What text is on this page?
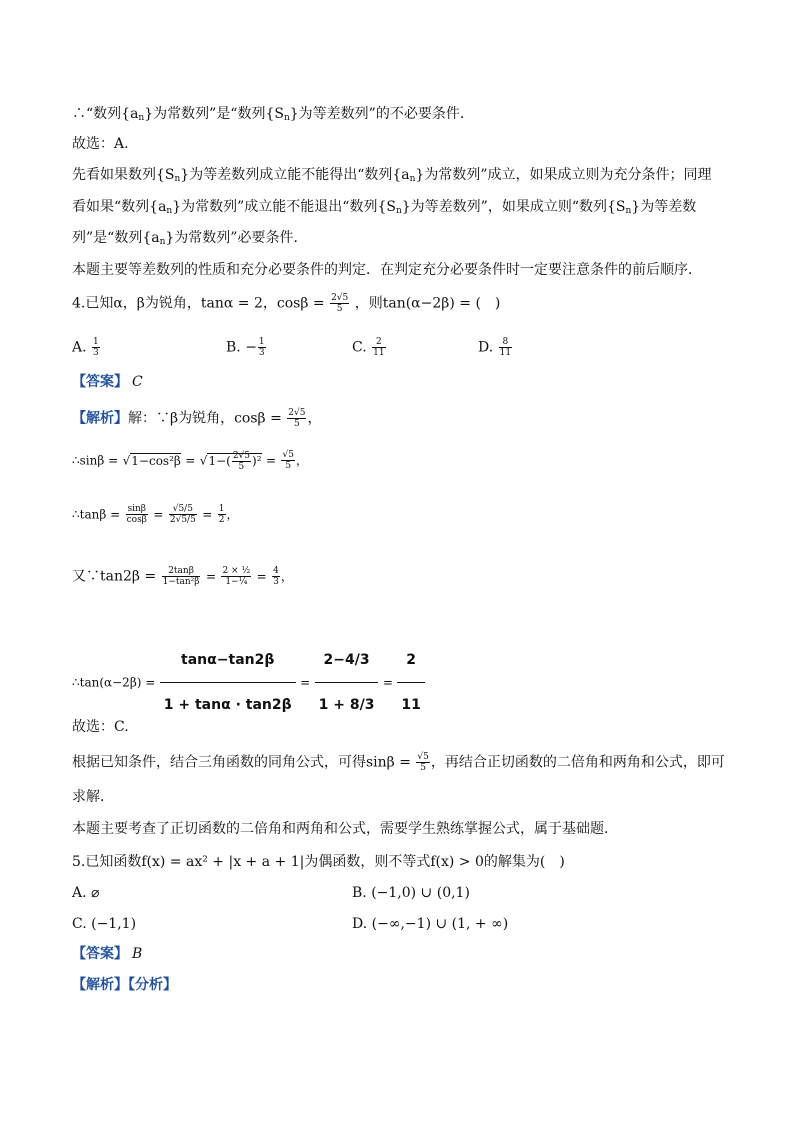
∴“数列$\{a_n\}$为常数列”是“数列$\{S_n\}$为等差数列”的不必要条件．
故选：A.
先看如果数列$\{S_n\}$为等差数列成立能不能得出“数列$\{a_n\}$为常数列”成立，如果成立则为充分条件；同理
看如果“数列$\{a_n\}$为常数列”成立能不能退出“数列$\{S_n\}$为等差数列”，如果成立则“数列$\{S_n\}$为等差数
列”是“数列$\{a_n\}$为常数列”必要条件．
本题主要等差数列的性质和充分必要条件的判定．在判定充分必要条件时一定要注意条件的前后顺序．
4.已知α，β为锐角，tanα = 2，$\cos\beta = \frac{2√5}{5}$ ，则tan(α−2β) = (　)
A. $\frac{1}{3}$	B. − $\frac{1}{3}$	C. $\frac{2}{11}$	D. $\frac{8}{11}$
【答案】 C
【解析】解：∵β为锐角，$\cos\beta = \frac{2√5}{5}$ ，
∴sinβ = $√1-\cos^2\beta = √1-( \frac{2√5}{5} )^2 = \frac{√5}{5}$ ，
∴tanβ = $\frac{\sin\beta}{\cos\beta} = \frac{√5/5}{2√5/5} = \frac{1}{2}$ ，
又∵tan2β = $\frac{2\tan\beta}{\text{1−tan²β}} = \frac{\text{2 × ½}}{\text{1−¼}} = \frac{4}{3}$ ，
∴tan(α−2β) = $\frac{\tan\alpha-\tan 2\beta}{1 + \tan\alpha \cdot \tan 2\beta} = \frac{2-4/3}{1 + 8/3} = \frac{2}{11}$
故选：C.
根据已知条件，结合三角函数的同角公式，可得$\sin\beta = \frac{√5}{5}$ ，再结合正切函数的二倍角和两角和公式，即可
求解．
本题主要考查了正切函数的二倍角和两角和公式，需要学生熟练掌握公式，属于基础题．
5.已知函数f(x) = ax² + |x + a + 1|为偶函数，则不等式f(x) > 0的解集为(　)
A. ⌀	B. (−1,0) ∪ (0,1)
C. (−1,1)	D. (−∞,−1) ∪ (1, + ∞)
【答案】 B
【解析】【分析】
